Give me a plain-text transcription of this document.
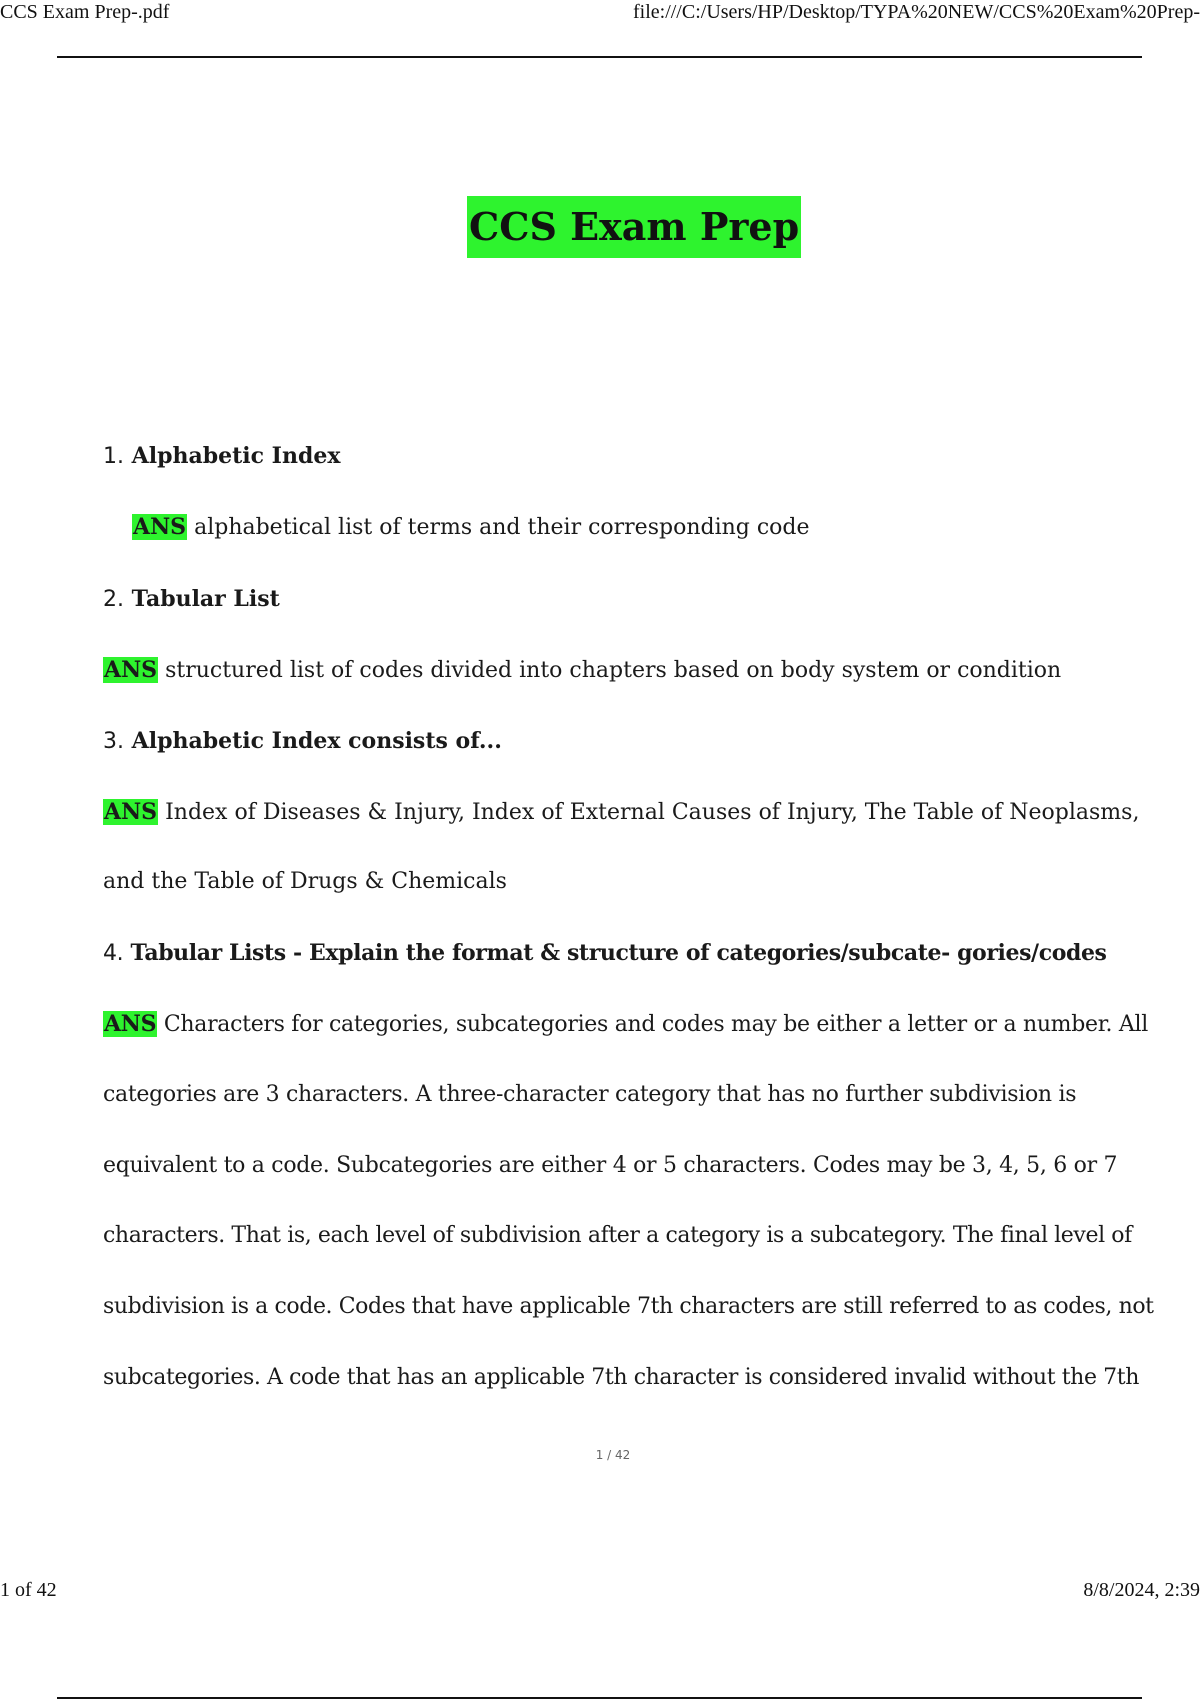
CCS Exam Prep-.pdf	file:///C:/Users/HP/Desktop/TYPA%20NEW/CCS%20Exam%20Prep-
CCS Exam Prep
1. Alphabetic Index
ANS alphabetical list of terms and their corresponding code
2. Tabular List
ANS structured list of codes divided into chapters based on body system or condition
3. Alphabetic Index consists of...
ANS Index of Diseases & Injury, Index of External Causes of Injury, The Table of Neoplasms,
and the Table of Drugs & Chemicals
4. Tabular Lists - Explain the format & structure of categories/subcate- gories/codes
ANS Characters for categories, subcategories and codes may be either a letter or a number. All
categories are 3 characters. A three-character category that has no further subdivision is
equivalent to a code. Subcategories are either 4 or 5 characters. Codes may be 3, 4, 5, 6 or 7
characters. That is, each level of subdivision after a category is a subcategory. The final level of
subdivision is a code. Codes that have applicable 7th characters are still referred to as codes, not
subcategories. A code that has an applicable 7th character is considered invalid without the 7th
1 / 42
1 of 42	8/8/2024, 2:39
